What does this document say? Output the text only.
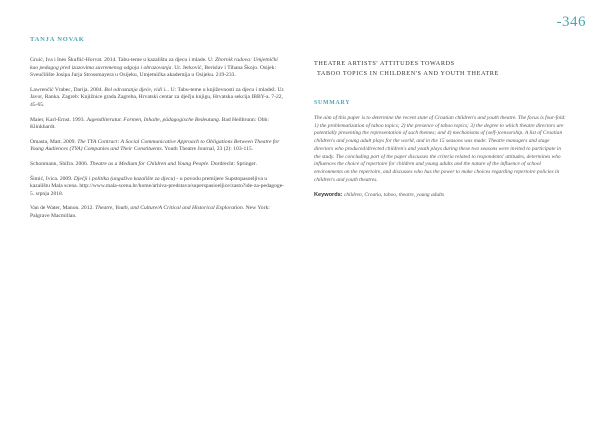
-346
TANJA NOVAK

Gruić, Iva i Ines Škuflić-Horvat. 2014. Tabu-teme u kazalištu za djecu i mlade. U: Zbornik radova: Umjetnički kao pedagog pred izazovima suvremenog odgoja i obrazovanja. Ur. Jerković, Berislav i Tihana Škojo. Osijek: Sveučilište Josipa Jurja Strossmayera u Osijeku, Umjetnička akademija u Osijeku. 219-233.

Lawrenčić Vrabec, Darija. 2004. Bol odrastanja djeće, vidi i... U: Tabu-teme u književnosti za djecu i mladež. Ur. Javor, Ranka. Zagreb: Knjižnice grada Zagreba, Hrvatski centar za dječju knjigu, Hrvatska sekcija IBBY-a. 7-22, 45-65.

Maier, Karl-Ernst. 1993. Jugendliteratur. Formen, Inhalte, pädagogische Bedeutung. Bad Heilbrunn: Obb: Klinkhardt.

Omasta, Matt. 2009. The TYA Contract: A Social Communicative Approach to Obligations Between Theatre for Young Audiences (TYA) Companies and Their Constituents. Youth Theatre Journal, 23 (2): 103-115.

Schonmann, Shifra. 2006. Theatre as a Medium for Children and Young People. Dordrecht: Springer.

Šimić, Ivica. 2009. Dječji i politika (ungaživo kazalište za djecu) - u povodu premijere Supstopasoeljiva u kazalištu Mala scena. http://www.mala-scena.hr/home/arhiva-predstava/superspasioeljice/zasto?ide-za-pedagoge-5. srpnja 2018.

Van de Water, Manon. 2012. Theatre, Youth, and Culture/A Critical and Historical Exploration. New York: Palgrave Macmillan.

THEATRE ARTISTS' ATTITUDES TOWARDS
TABOO TOPICS IN CHILDREN'S AND YOUTH THEATRE
SUMMARY
The aim of this paper is to determine the recent state of Croatian children's and youth theatre. The focus is four-fold: 1) the problematization of taboo topics; 2) the presence of taboo topics; 3) the degree to which theatre directors are potentially presenting the representation of such themes; and 4) mechanisms of (self-)censorship. A list of Croatian children's and young adult plays for the world, and in the 15 seasons was made. Theatre managers and stage directors who produced/directed children's and youth plays during these two seasons were invited to participate in the study. The concluding part of the paper discusses the criteria related to respondents' attitudes, determines who influences the choice of repertoire for children and young adults and the nature of the influence of school environments on the repertoire, and discusses who has the power to make choices regarding repertoire policies in children's and youth theatres.
Keywords: children, Croatia, taboo, theatre, young adults
